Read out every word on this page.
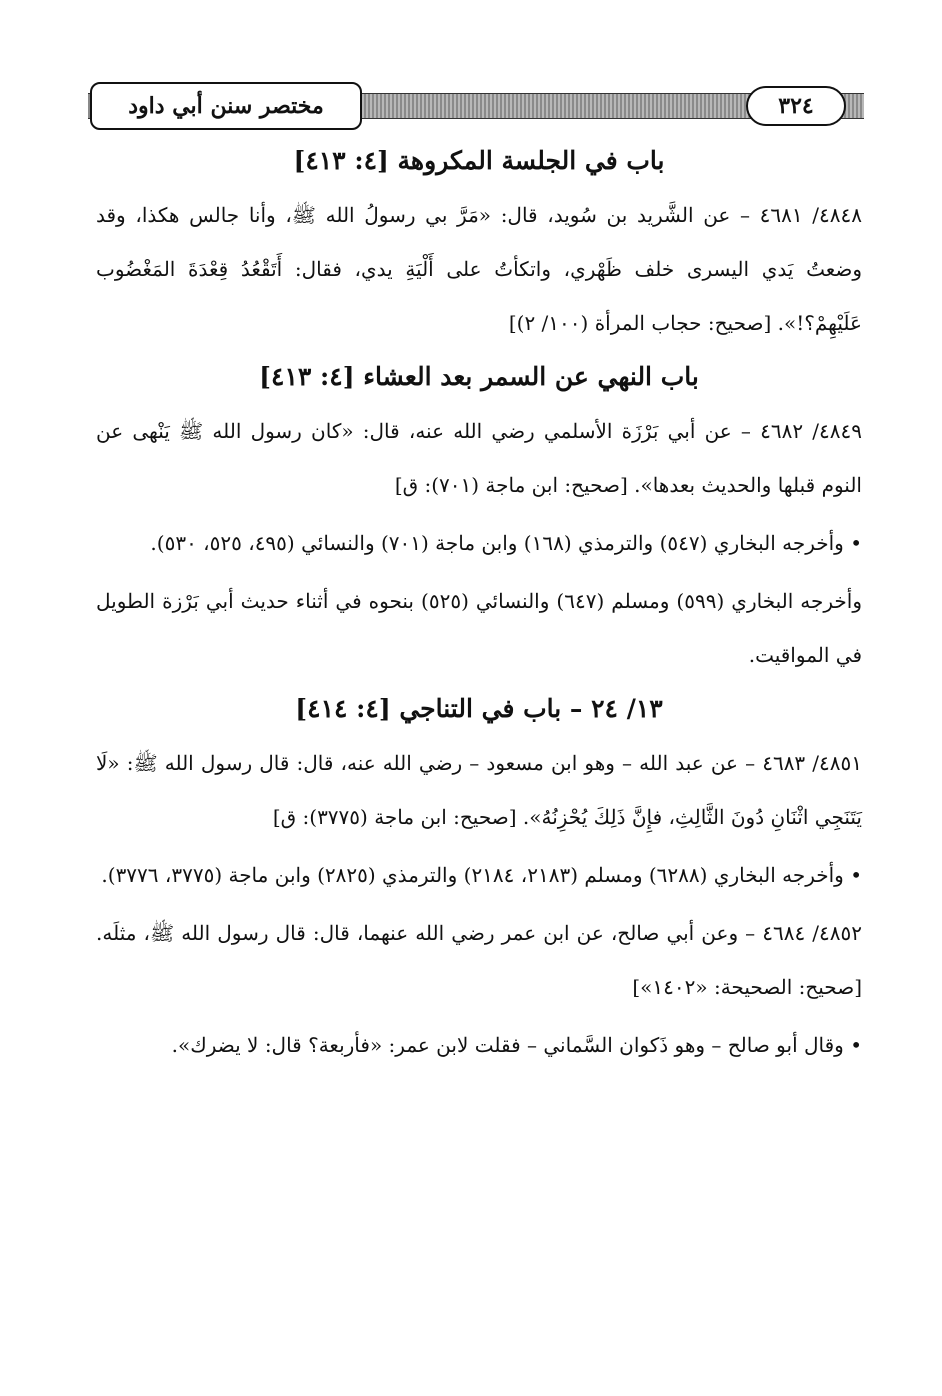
مختصر سنن أبي داود	٣٢٤
باب في الجلسة المكروهة [٤: ٤١٣]

٤٨٤٨/ ٤٦٨١ – عن الشَّريد بن سُويد، قال: «مَرَّ بي رسولُ الله ﷺ، وأنا جالس هكذا، وقد وضعتُ يَدي اليسرى خلف ظَهْري، واتكأتُ على أَلْيَةِ يدي، فقال: أَتَقْعُدُ قِعْدَةَ المَغْضُوب عَلَيْهِمْ؟!». [صحيح: حجاب المرأة (١٠٠/ ٢)]

باب النهي عن السمر بعد العشاء [٤: ٤١٣]

٤٨٤٩/ ٤٦٨٢ – عن أبي بَرْزَة الأسلمي رضي الله عنه، قال: «كان رسول الله ﷺ يَنْهى عن النوم قبلها والحديث بعدها». [صحيح: ابن ماجة (٧٠١): ق]

• وأخرجه البخاري (٥٤٧) والترمذي (١٦٨) وابن ماجة (٧٠١) والنسائي (٤٩٥، ٥٢٥، ٥٣٠).

وأخرجه البخاري (٥٩٩) ومسلم (٦٤٧) والنسائي (٥٢٥) بنحوه في أثناء حديث أبي بَرْزة الطويل في المواقيت.

١٣/ ٢٤ – باب في التناجي [٤: ٤١٤]

٤٨٥١/ ٤٦٨٣ – عن عبد الله – وهو ابن مسعود – رضي الله عنه، قال: قال رسول الله ﷺ: «لَا يَتَنَجِي اثْنَانِ دُونَ الثَّالِثِ، فإِنَّ ذَلِكَ يُحْزِنُهُ». [صحيح: ابن ماجة (٣٧٧٥): ق]

• وأخرجه البخاري (٦٢٨٨) ومسلم (٢١٨٣، ٢١٨٤) والترمذي (٢٨٢٥) وابن ماجة (٣٧٧٥، ٣٧٧٦).

٤٨٥٢/ ٤٦٨٤ – وعن أبي صالح، عن ابن عمر رضي الله عنهما، قال: قال رسول الله ﷺ، مثلَه. [صحيح: الصحيحة: «١٤٠٢»]

• وقال أبو صالح – وهو ذَكوان السَّماني – فقلت لابن عمر: «فأربعة؟ قال: لا يضرك».
